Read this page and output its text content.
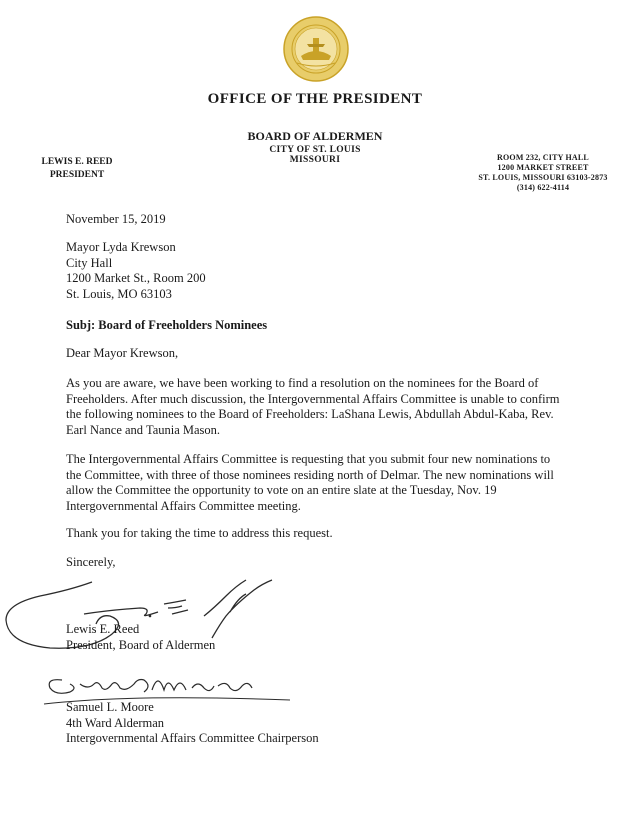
OFFICE OF THE PRESIDENT
BOARD OF ALDERMEN
CITY OF ST. LOUIS
MISSOURI
LEWIS E. REED
PRESIDENT
ROOM 232, CITY HALL
1200 MARKET STREET
ST. LOUIS, MISSOURI 63103-2873
(314) 622-4114
November 15, 2019
Mayor Lyda Krewson
City Hall
1200 Market St., Room 200
St. Louis, MO 63103
Subj: Board of Freeholders Nominees
Dear Mayor Krewson,
As you are aware, we have been working to find a resolution on the nominees for the Board of Freeholders. After much discussion, the Intergovernmental Affairs Committee is unable to confirm the following nominees to the Board of Freeholders: LaShana Lewis, Abdullah Abdul-Kaba, Rev. Earl Nance and Taunia Mason.
The Intergovernmental Affairs Committee is requesting that you submit four new nominations to the Committee, with three of those nominees residing north of Delmar. The new nominations will allow the Committee the opportunity to vote on an entire slate at the Tuesday, Nov. 19 Intergovernmental Affairs Committee meeting.
Thank you for taking the time to address this request.
Sincerely,
Lewis E. Reed
President, Board of Aldermen
Samuel L. Moore
4th Ward Alderman
Intergovernmental Affairs Committee Chairperson
